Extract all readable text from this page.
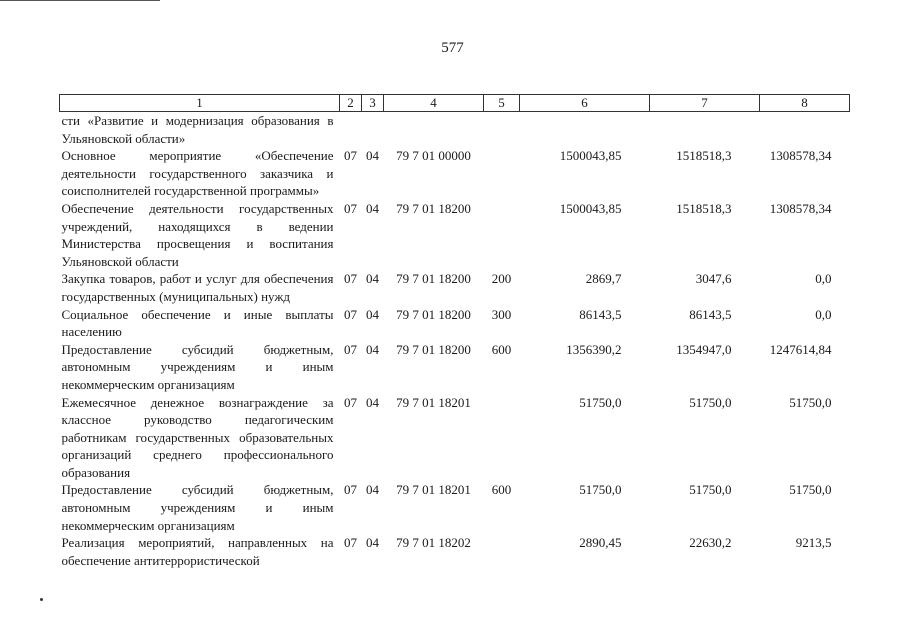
577
1	2	3	4	5	6	7	8
сти «Развитие и модернизация образования в Ульяновской области»							
Основное мероприятие «Обеспечение деятельности государственного заказчика и соисполнителей государственной программы»	07	04	79 7 01 00000		1500043,85	1518518,3	1308578,34
Обеспечение деятельности государственных учреждений, находящихся в ведении Министерства просвещения и воспитания Ульяновской области	07	04	79 7 01 18200		1500043,85	1518518,3	1308578,34
Закупка товаров, работ и услуг для обеспечения государственных (муниципальных) нужд	07	04	79 7 01 18200	200	2869,7	3047,6	0,0
Социальное обеспечение и иные выплаты населению	07	04	79 7 01 18200	300	86143,5	86143,5	0,0
Предоставление субсидий бюджетным, автономным учреждениям и иным некоммерческим организациям	07	04	79 7 01 18200	600	1356390,2	1354947,0	1247614,84
Ежемесячное денежное вознаграждение за классное руководство педагогическим работникам государственных образовательных организаций среднего профессионального образования	07	04	79 7 01 18201		51750,0	51750,0	51750,0
Предоставление субсидий бюджетным, автономным учреждениям и иным некоммерческим организациям	07	04	79 7 01 18201	600	51750,0	51750,0	51750,0
Реализация мероприятий, направленных на обеспечение антитеррористической	07	04	79 7 01 18202		2890,45	22630,2	9213,5
